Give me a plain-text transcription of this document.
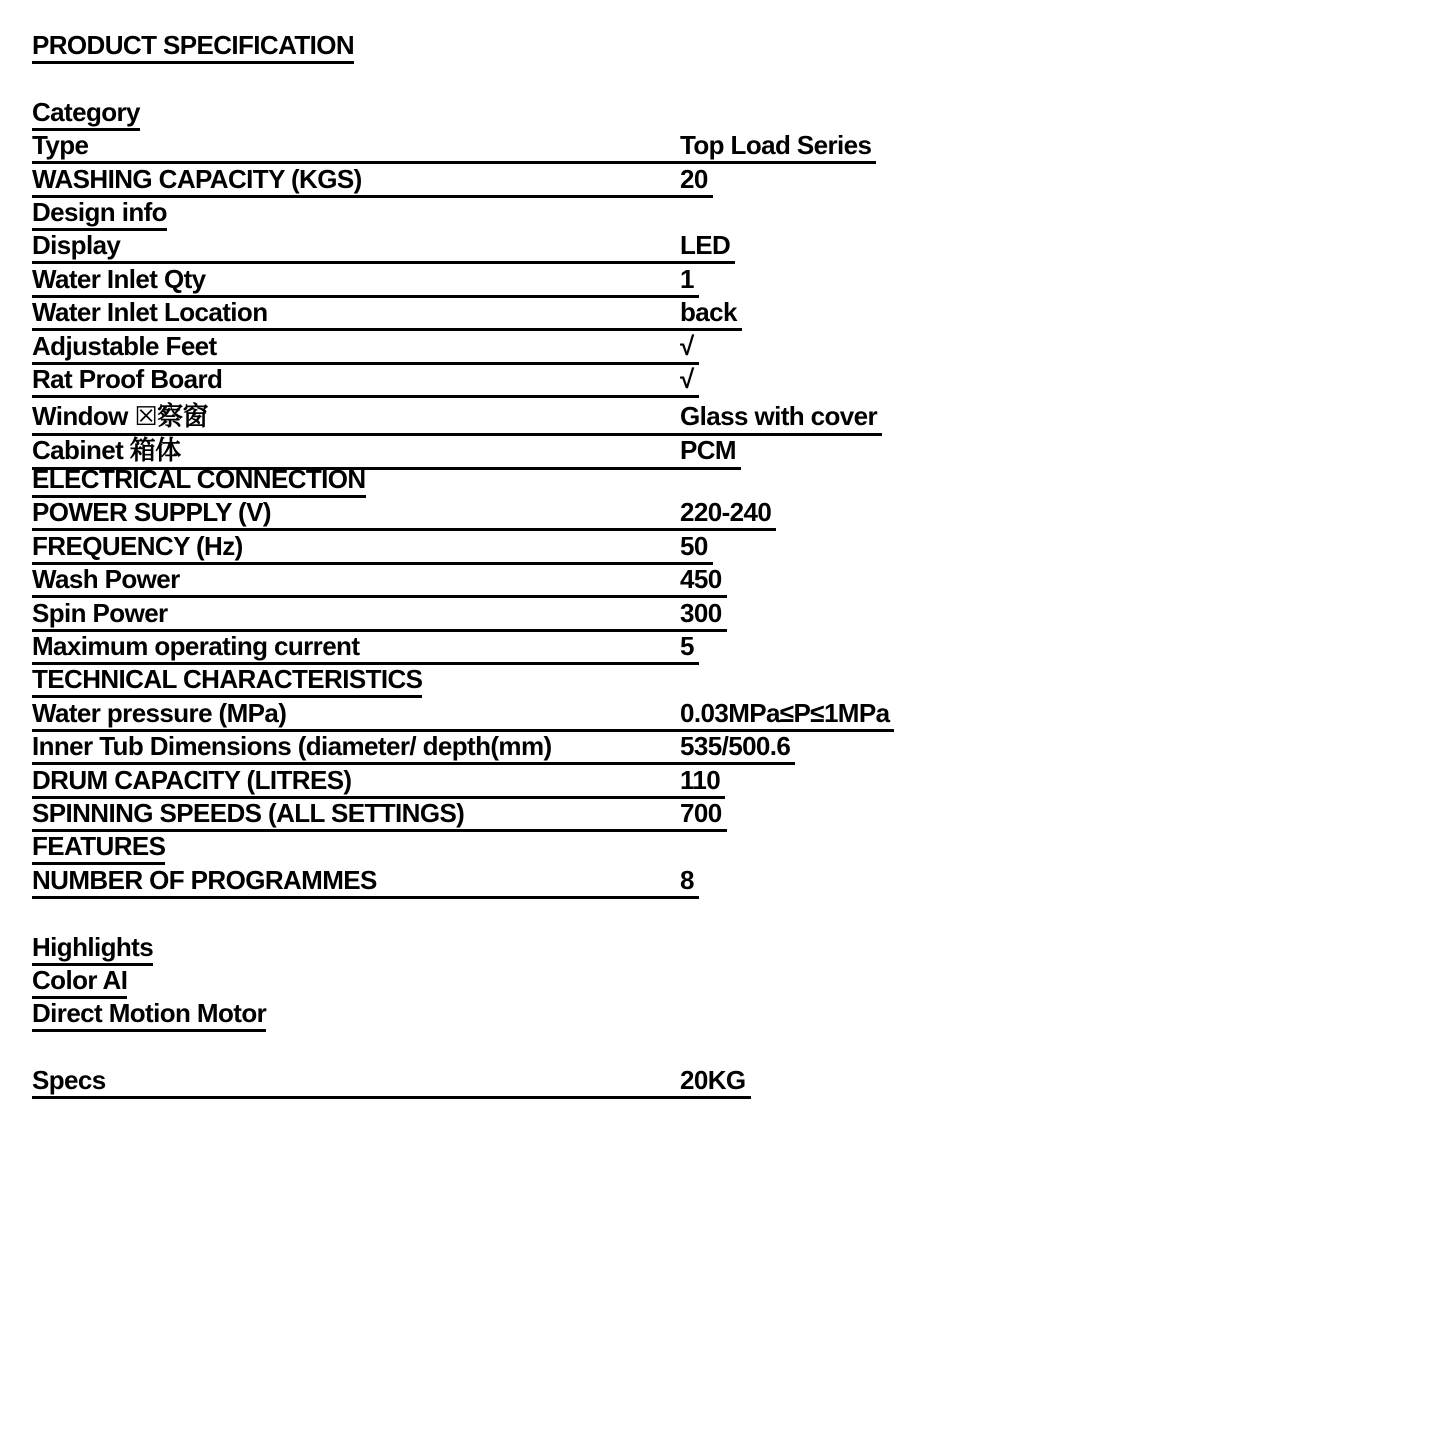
PRODUCT SPECIFICATION
Category
Type	Top Load Series
WASHING CAPACITY (KGS)	20
Design info
Display	LED
Water Inlet Qty	1
Water Inlet Location	back
Adjustable Feet	√
Rat Proof Board	√
Window ☒察窗	Glass with cover
Cabinet 箱体	PCM
ELECTRICAL CONNECTION
POWER SUPPLY (V)	220-240
FREQUENCY (Hz)	50
Wash Power	450
Spin Power	300
Maximum operating current	5
TECHNICAL CHARACTERISTICS
Water pressure (MPa)	0.03MPa≤P≤1MPa
Inner Tub Dimensions (diameter/ depth(mm)	535/500.6
DRUM CAPACITY (LITRES)	110
SPINNING SPEEDS (ALL SETTINGS)	700
FEATURES
NUMBER OF PROGRAMMES	8
Highlights
Color AI
Direct Motion Motor
Specs	20KG
